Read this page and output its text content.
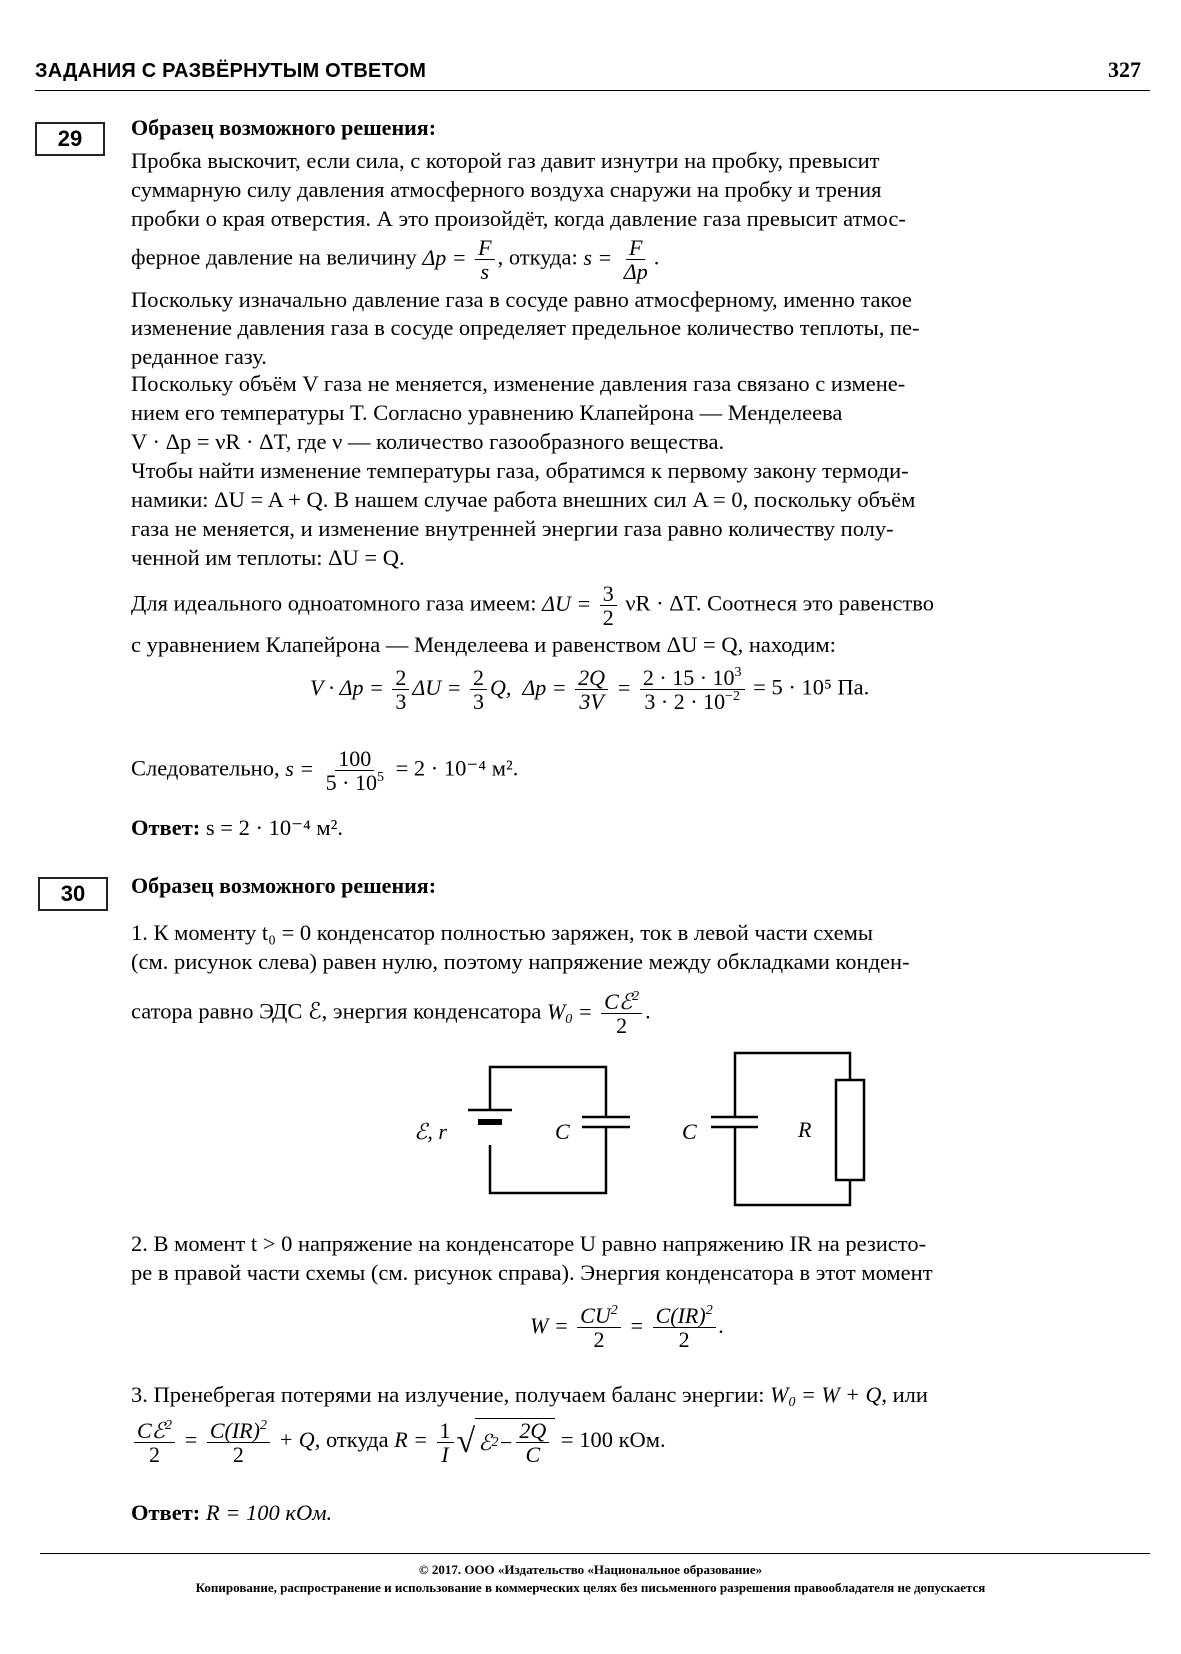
ЗАДАНИЯ С РАЗВЁРНУТЫМ ОТВЕТОМ	327
29	Образец возможного решения:
Пробка выскочит, если сила, с которой газ давит изнутри на пробку, превысит
суммарную силу давления атмосферного воздуха снаружи на пробку и трения
пробки о края отверстия. А это произойдёт, когда давление газа превысит атмос-
ферное давление на величину $\Delta p = \frac{F}{s}$ , откуда: $s = \frac{F}{\Delta p}$ .
Поскольку изначально давление газа в сосуде равно атмосферному, именно такое
изменение давления газа в сосуде определяет предельное количество теплоты, пе-
реданное газу.
Поскольку объём V газа не меняется, изменение давления газа связано с измене-
нием его температуры T. Согласно уравнению Клапейрона — Менделеева
V · Δp = νR · ΔT, где ν — количество газообразного вещества.
Чтобы найти изменение температуры газа, обратимся к первому закону термоди-
намики: ΔU = A + Q. В нашем случае работа внешних сил A = 0, поскольку объём
газа не меняется, и изменение внутренней энергии газа равно количеству полу-
ченной им теплоты: ΔU = Q.
Для идеального одноатомного газа имеем: $\Delta U = \frac{3}{2}$ νR · ΔT. Соотнеся это равенство
с уравнением Клапейрона — Менделеева и равенством ΔU = Q, находим:
$V \cdot \Delta p = \frac{2}{3}$ $\Delta U = \frac{2}{3} Q$,  $\Delta p = \frac{2Q}{3V} = \frac{2 \cdot 15 \cdot 10^3}{3 \cdot 2 \cdot 10^{-2}} = 5 \cdot 10^5$ Па.
Следовательно, $s = \frac{100}{5 \cdot 10^5} = 2 \cdot 10^{-4}$ м².
Ответ: s = 2 · 10⁻⁴ м².
30	Образец возможного решения:
1. К моменту t₀ = 0 конденсатор полностью заряжен, ток в левой части схемы
(см. рисунок слева) равен нулю, поэтому напряжение между обкладками конден-
сатора равно ЭДС ℰ, энергия конденсатора $W_0 = \frac{Cℰ^2}{2}$ .
ℰ, r	C	C	R
2. В момент t > 0 напряжение на конденсаторе U равно напряжению IR на резисто-
ре в правой части схемы (см. рисунок справа). Энергия конденсатора в этот момент
$W = \frac{CU^2}{2} = \frac{C(IR)^2}{2}$ .
3. Пренебрегая потерями на излучение, получаем баланс энергии: $W_0 = W + Q$, или
$\frac{Cℰ^2}{2} = \frac{C(IR)^2}{2} + Q$, откуда $R = \frac{1}{I}$ √ ℰ $2 - \frac{2Q}{C} = 100$ кОм.
Ответ: R = 100 кОм.
© 2017. ООО «Издательство «Национальное образование»
Копирование, распространение и использование в коммерческих целях без письменного разрешения правообладателя не допускается
